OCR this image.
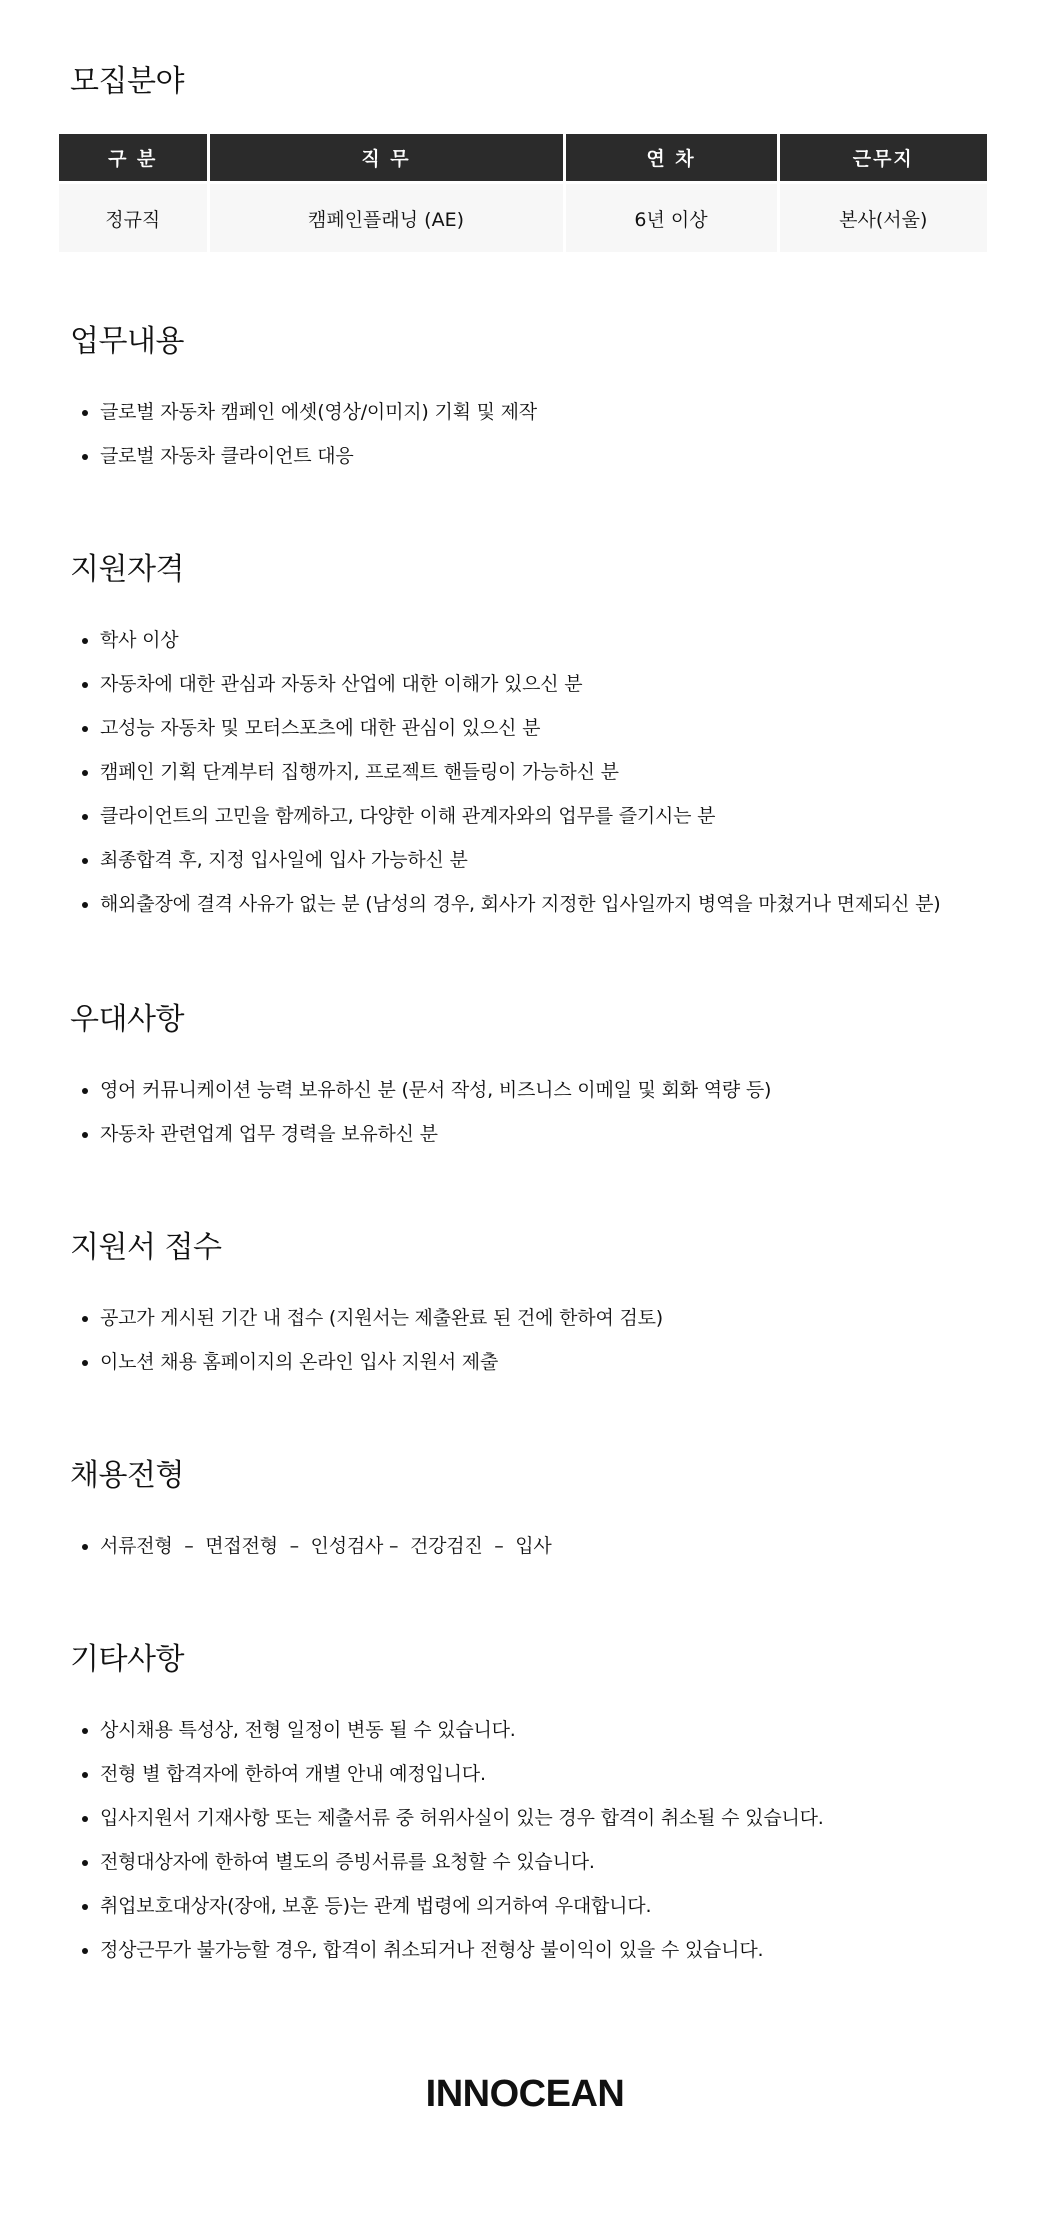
모집분야
구 분	직 무	연 차	근무지
정규직	캠페인플래닝 (AE)	6년 이상	본사(서울)
업무내용
글로벌 자동차 캠페인 에셋(영상/이미지) 기획 및 제작
글로벌 자동차 클라이언트 대응
지원자격
학사 이상
자동차에 대한 관심과 자동차 산업에 대한 이해가 있으신 분
고성능 자동차 및 모터스포츠에 대한 관심이 있으신 분
캠페인 기획 단계부터 집행까지, 프로젝트 핸들링이 가능하신 분
클라이언트의 고민을 함께하고, 다양한 이해 관계자와의 업무를 즐기시는 분
최종합격 후, 지정 입사일에 입사 가능하신 분
해외출장에 결격 사유가 없는 분 (남성의 경우, 회사가 지정한 입사일까지 병역을 마쳤거나 면제되신 분)
우대사항
영어 커뮤니케이션 능력 보유하신 분 (문서 작성, 비즈니스 이메일 및 회화 역량 등)
자동차 관련업계 업무 경력을 보유하신 분
지원서 접수
공고가 게시된 기간 내 접수 (지원서는 제출완료 된 건에 한하여 검토)
이노션 채용 홈페이지의 온라인 입사 지원서 제출
채용전형
서류전형  –  면접전형  –  인성검사 –  건강검진  –  입사
기타사항
상시채용 특성상, 전형 일정이 변동 될 수 있습니다.
전형 별 합격자에 한하여 개별 안내 예정입니다.
입사지원서 기재사항 또는 제출서류 중 허위사실이 있는 경우 합격이 취소될 수 있습니다.
전형대상자에 한하여 별도의 증빙서류를 요청할 수 있습니다.
취업보호대상자(장애, 보훈 등)는 관계 법령에 의거하여 우대합니다.
정상근무가 불가능할 경우, 합격이 취소되거나 전형상 불이익이 있을 수 있습니다.
INNOCEAN
